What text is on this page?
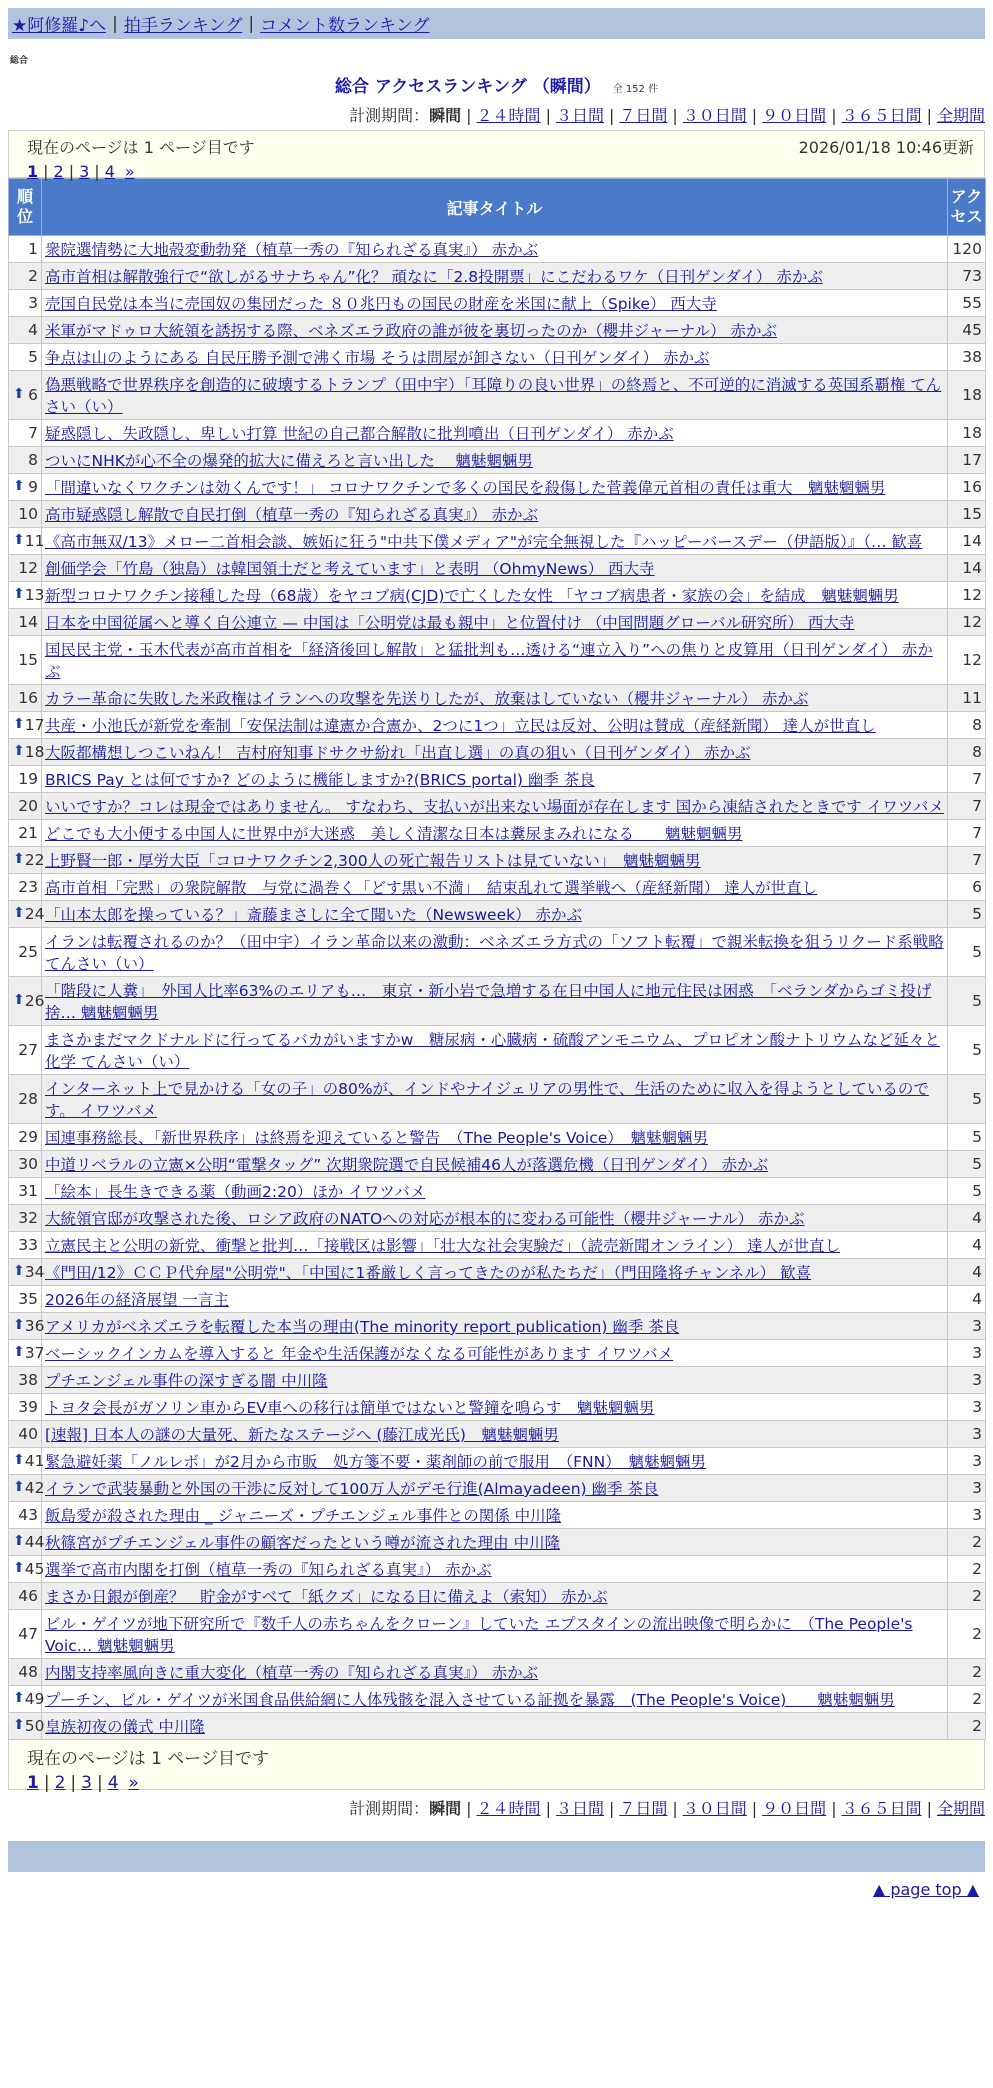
★阿修羅♪へ | 拍手ランキング | コメント数ランキング
総合
総合 アクセスランキング （瞬間） 全 152 件
計測期間：瞬間 | ２４時間 | ３日間 | ７日間 | ３０日間 | ９０日間 | ３６５日間 | 全期間
現在のページは 1 ページ目です	2026/01/18 10:46更新
1 | 2 | 3 | 4 »
順位	記事タイトル	アクセス
1	衆院選情勢に大地殻変動勃発（植草一秀の『知られざる真実』） 赤かぶ	120
2	高市首相は解散強行で“欲しがるサナちゃん”化？ 頑なに「2.8投開票」にこだわるワケ（日刊ゲンダイ） 赤かぶ	73
3	売国自民党は本当に売国奴の集団だった ８０兆円もの国民の財産を米国に献上（Spike） 西大寺	55
4	米軍がマドゥロ大統領を誘拐する際、ベネズエラ政府の誰が彼を裏切ったのか（櫻井ジャーナル） 赤かぶ	45
5	争点は山のようにある 自民圧勝予測で沸く市場 そうは問屋が卸さない（日刊ゲンダイ） 赤かぶ	38

⬆ 6	偽悪戦略で世界秩序を創造的に破壊するトランプ（田中宇）「耳障りの良い世界」の終焉と、不可逆的に消滅する英国系覇権 てんさい（い）	18
7	疑惑隠し、失政隠し、卑しい打算 世紀の自己都合解散に批判噴出（日刊ゲンダイ） 赤かぶ	18
8	ついにNHKが心不全の爆発的拡大に備えろと言い出した　 魑魅魍魎男	17

⬆ 9	「間違いなくワクチンは効くんです！」 コロナワクチンで多くの国民を殺傷した菅義偉元首相の責任は重大　魑魅魍魎男	16
10	高市疑惑隠し解散で自民打倒（植草一秀の『知られざる真実』） 赤かぶ	15

⬆ 11	《高市無双/13》メロー二首相会談、嫉妬に狂う"中共下僕メディア"が完全無視した『ハッピーバースデー（伊語版）』（… 歓喜	14
12	創価学会「竹島（独島）は韓国領土だと考えています」と表明 （OhmyNews） 西大寺	14

⬆ 13	新型コロナワクチン接種した母（68歳）をヤコブ病(CJD)で亡くした女性 「ヤコブ病患者・家族の会」を結成　魑魅魍魎男	12
14	日本を中国従属へと導く自公連立 — 中国は「公明党は最も親中」と位置付け （中国問題グローバル研究所） 西大寺	12
15	国民民主党・玉木代表が高市首相を「経済後回し解散」と猛批判も…透ける“連立入り”への焦りと皮算用（日刊ゲンダイ） 赤かぶ	12
16	カラー革命に失敗した米政権はイランへの攻撃を先送りしたが、放棄はしていない（櫻井ジャーナル） 赤かぶ	11

⬆ 17	共産・小池氏が新党を牽制「安保法制は違憲か合憲か、2つに1つ」立民は反対、公明は賛成（産経新聞） 達人が世直し	8

⬆ 18	大阪都構想しつこいねん！ 吉村府知事ドサクサ紛れ「出直し選」の真の狙い（日刊ゲンダイ） 赤かぶ	8
19	BRICS Pay とは何ですか? どのように機能しますか?(BRICS portal) 幽季 茶良	7
20	いいですか？コレは現金ではありません。 すなわち、支払いが出来ない場面が存在します 国から凍結されたときです イワツバメ	7
21	どこでも大小便する中国人に世界中が大迷惑　美しく清潔な日本は糞尿まみれになる　　魑魅魍魎男	7

⬆ 22	上野賢一郎・厚労大臣「コロナワクチン2,300人の死亡報告リストは見ていない」　魑魅魍魎男	7
23	高市首相「完黙」の衆院解散　与党に渦巻く「どす黒い不満」　結束乱れて選挙戦へ（産経新聞） 達人が世直し	6

⬆ 24	「山本太郎を操っている？」斎藤まさしに全て聞いた（Newsweek） 赤かぶ	5
25	イランは転覆されるのか？（田中宇）イラン革命以来の激動：ベネズエラ方式の「ソフト転覆」で親米転換を狙うリクード系戦略 てんさい（い）	5

⬆ 26	「階段に人糞」　外国人比率63%のエリアも…　東京・新小岩で急増する在日中国人に地元住民は困惑　「ベランダからゴミ投げ捨… 魑魅魍魎男	5
27	まさかまだマクドナルドに行ってるバカがいますかw　糖尿病・心臓病・硫酸アンモニウム、プロピオン酸ナトリウムなど延々と化学 てんさい（い）	5
28	インターネット上で見かける「女の子」の80%が、インドやナイジェリアの男性で、生活のために収入を得ようとしているのです。 イワツバメ	5
29	国連事務総長、「新世界秩序」は終焉を迎えていると警告　（The People's Voice）　魑魅魍魎男	5
30	中道リベラルの立憲×公明“電撃タッグ” 次期衆院選で自民候補46人が落選危機（日刊ゲンダイ） 赤かぶ	5
31	「絵本」長生きできる薬（動画2:20）ほか イワツバメ	5
32	大統領官邸が攻撃された後、ロシア政府のNATOへの対応が根本的に変わる可能性（櫻井ジャーナル） 赤かぶ	4
33	立憲民主と公明の新党、衝撃と批判…「接戦区は影響」「壮大な社会実験だ」（読売新聞オンライン） 達人が世直し	4

⬆ 34	《門田/12》ＣＣＰ代弁屋"公明党"、「中国に1番厳しく言ってきたのが私たちだ」（門田隆将チャンネル） 歓喜	4
35	2026年の経済展望 一言主	4

⬆ 36	アメリカがベネズエラを転覆した本当の理由(The minority report publication) 幽季 茶良	3

⬆ 37	ベーシックインカムを導入すると 年金や生活保護がなくなる可能性があります イワツバメ	3
38	プチエンジェル事件の深すぎる闇 中川隆	3
39	トヨタ会長がガソリン車からEV車への移行は簡単ではないと警鐘を鳴らす　魑魅魍魎男	3
40	[速報] 日本人の謎の大量死、新たなステージへ (藤江成光氏)　魑魅魍魎男	3

⬆ 41	緊急避妊薬「ノルレボ」が2月から市販　処方箋不要・薬剤師の前で服用　（FNN）　魑魅魍魎男	3

⬆ 42	イランで武装暴動と外国の干渉に反対して100万人がデモ行進(Almayadeen) 幽季 茶良	3
43	飯島愛が殺された理由 _ ジャニーズ・プチエンジェル事件との関係 中川隆	3

⬆ 44	秋篠宮がプチエンジェル事件の顧客だったという噂が流された理由 中川隆	2

⬆ 45	選挙で高市内閣を打倒（植草一秀の『知られざる真実』） 赤かぶ	2
46	まさか日銀が倒産？　貯金がすべて「紙クズ」になる日に備えよ（索知） 赤かぶ	2
47	ビル・ゲイツが地下研究所で『数千人の赤ちゃんをクローン』していた エプスタインの流出映像で明らかに　（The People's Voic… 魑魅魍魎男	2
48	内閣支持率風向きに重大変化（植草一秀の『知られざる真実』） 赤かぶ	2

⬆ 49	プーチン、ビル・ゲイツが米国食品供給網に人体残骸を混入させている証拠を暴露　(The People's Voice)　　魑魅魍魎男	2

⬆ 50	皇族初夜の儀式 中川隆	2
現在のページは 1 ページ目です
1 | 2 | 3 | 4 »
計測期間：瞬間 | ２４時間 | ３日間 | ７日間 | ３０日間 | ９０日間 | ３６５日間 | 全期間
▲ page top ▲
